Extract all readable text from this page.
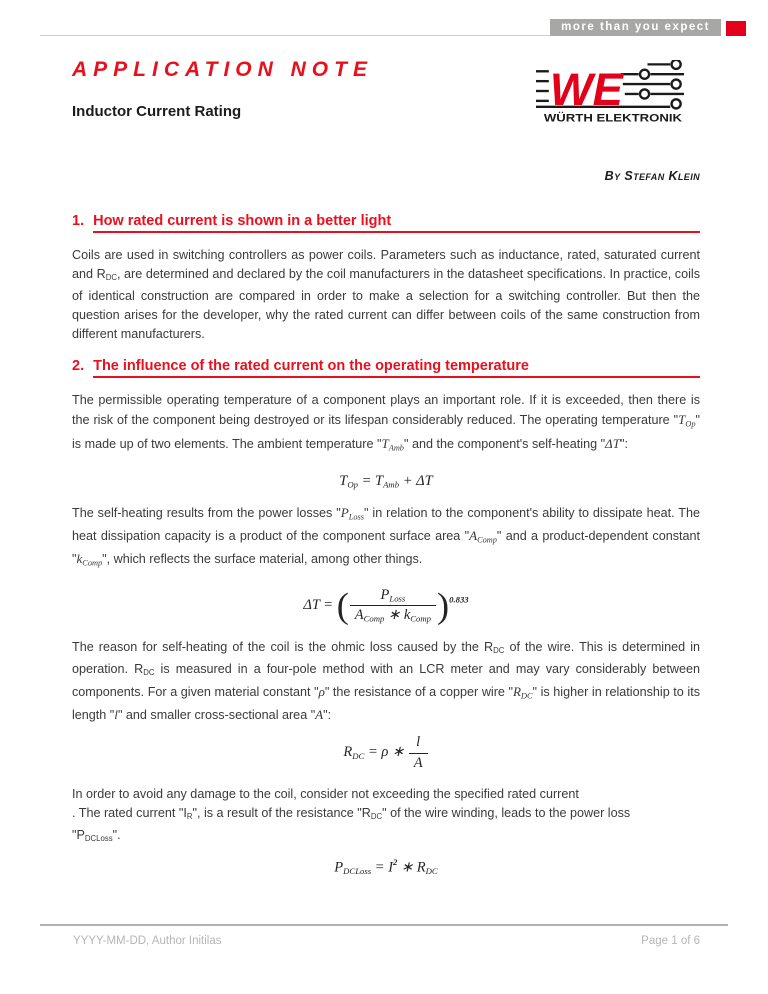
more than you expect
WE
WÜRTH ELEKTRONIK
APPLICATION NOTE
Inductor Current Rating
By Stefan Klein
1. How rated current is shown in a better light

Coils are used in switching controllers as power coils. Parameters such as inductance, rated, saturated current and RDC, are determined and declared by the coil manufacturers in the datasheet specifications. In practice, coils of identical construction are compared in order to make a selection for a switching controller. But then the question arises for the developer, why the rated current can differ between coils of the same construction from different manufacturers.

2. The influence of the rated current on the operating temperature

The permissible operating temperature of a component plays an important role. If it is exceeded, then there is the risk of the component being destroyed or its lifespan considerably reduced. The operating temperature "TOp" is made up of two elements. The ambient temperature "TAmb" and the component's self-heating "ΔT":

TOp = TAmb + ΔT

The self-heating results from the power losses "PLoss" in relation to the component's ability to dissipate heat. The heat dissipation capacity is a product of the component surface area "AComp" and a product-dependent constant "kComp", which reflects the surface material, among other things.

ΔT = ( $\frac{\text{PLoss}}{\text{AComp ∗ kComp}} )^{0.833}$

The reason for self-heating of the coil is the ohmic loss caused by the RDC of the wire. This is determined in operation. RDC is measured in a four-pole method with an LCR meter and may vary considerably between components. For a given material constant "ρ" the resistance of a copper wire "RDC" is higher in relationship to its length "l" and smaller cross-sectional area "A":

RDC = ρ ∗ $\frac{l}{A}$

In order to avoid any damage to the coil, consider not exceeding the specified rated current
. The rated current "IR", is a result of the resistance "RDC" of the wire winding, leads to the power loss
"PDCLoss".

PDCLoss = $I^2$ ∗ RDC
YYYY-MM-DD, Author Initilas	Page 1 of 6
